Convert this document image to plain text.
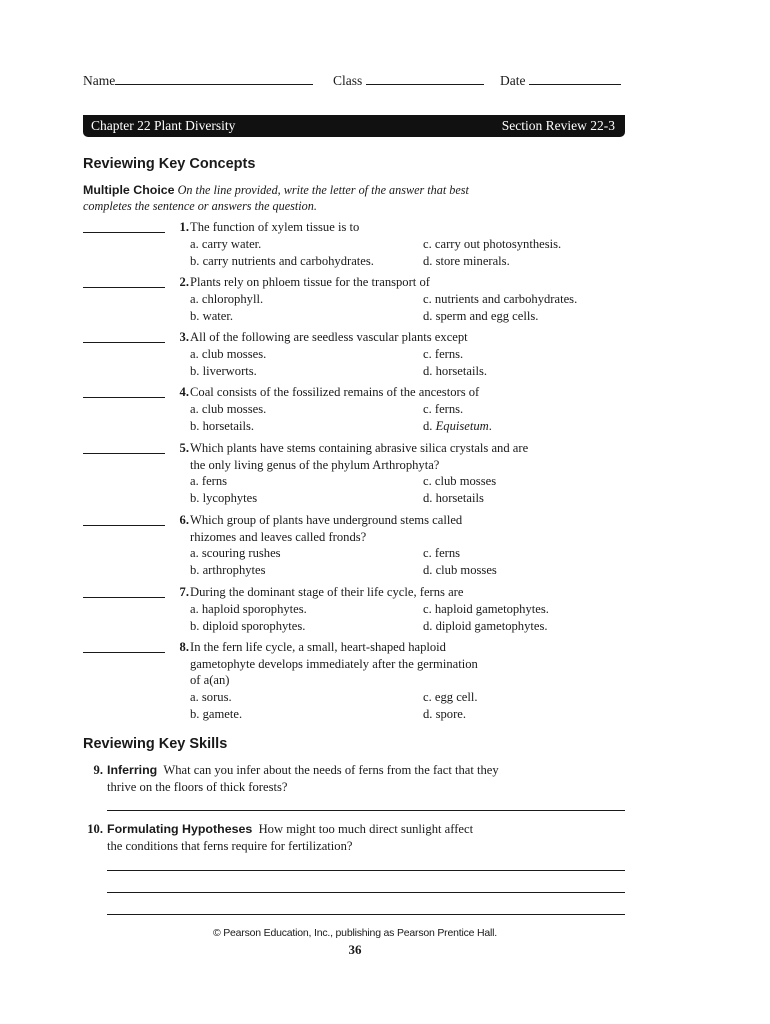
Name	Class	Date
Chapter 22 Plant Diversity	Section Review 22-3
Reviewing Key Concepts
Multiple Choice On the line provided, write the letter of the answer that best completes the sentence or answers the question.
1. The function of xylem tissue is to
a. carry water.
b. carry nutrients and carbohydrates.
c. carry out photosynthesis.
d. store minerals.
2. Plants rely on phloem tissue for the transport of
a. chlorophyll.
b. water.
c. nutrients and carbohydrates.
d. sperm and egg cells.
3. All of the following are seedless vascular plants except
a. club mosses.
b. liverworts.
c. ferns.
d. horsetails.
4. Coal consists of the fossilized remains of the ancestors of
a. club mosses.
b. horsetails.
c. ferns.
d. Equisetum.
5. Which plants have stems containing abrasive silica crystals and are the only living genus of the phylum Arthrophyta?
a. ferns
b. lycophytes
c. club mosses
d. horsetails
6. Which group of plants have underground stems called rhizomes and leaves called fronds?
a. scouring rushes
b. arthrophytes
c. ferns
d. club mosses
7. During the dominant stage of their life cycle, ferns are
a. haploid sporophytes.
b. diploid sporophytes.
c. haploid gametophytes.
d. diploid gametophytes.
8. In the fern life cycle, a small, heart-shaped haploid gametophyte develops immediately after the germination of a(an)
a. sorus.
b. gamete.
c. egg cell.
d. spore.
Reviewing Key Skills
9. Inferring What can you infer about the needs of ferns from the fact that they thrive on the floors of thick forests?
10. Formulating Hypotheses How might too much direct sunlight affect the conditions that ferns require for fertilization?
© Pearson Education, Inc., publishing as Pearson Prentice Hall.
36
